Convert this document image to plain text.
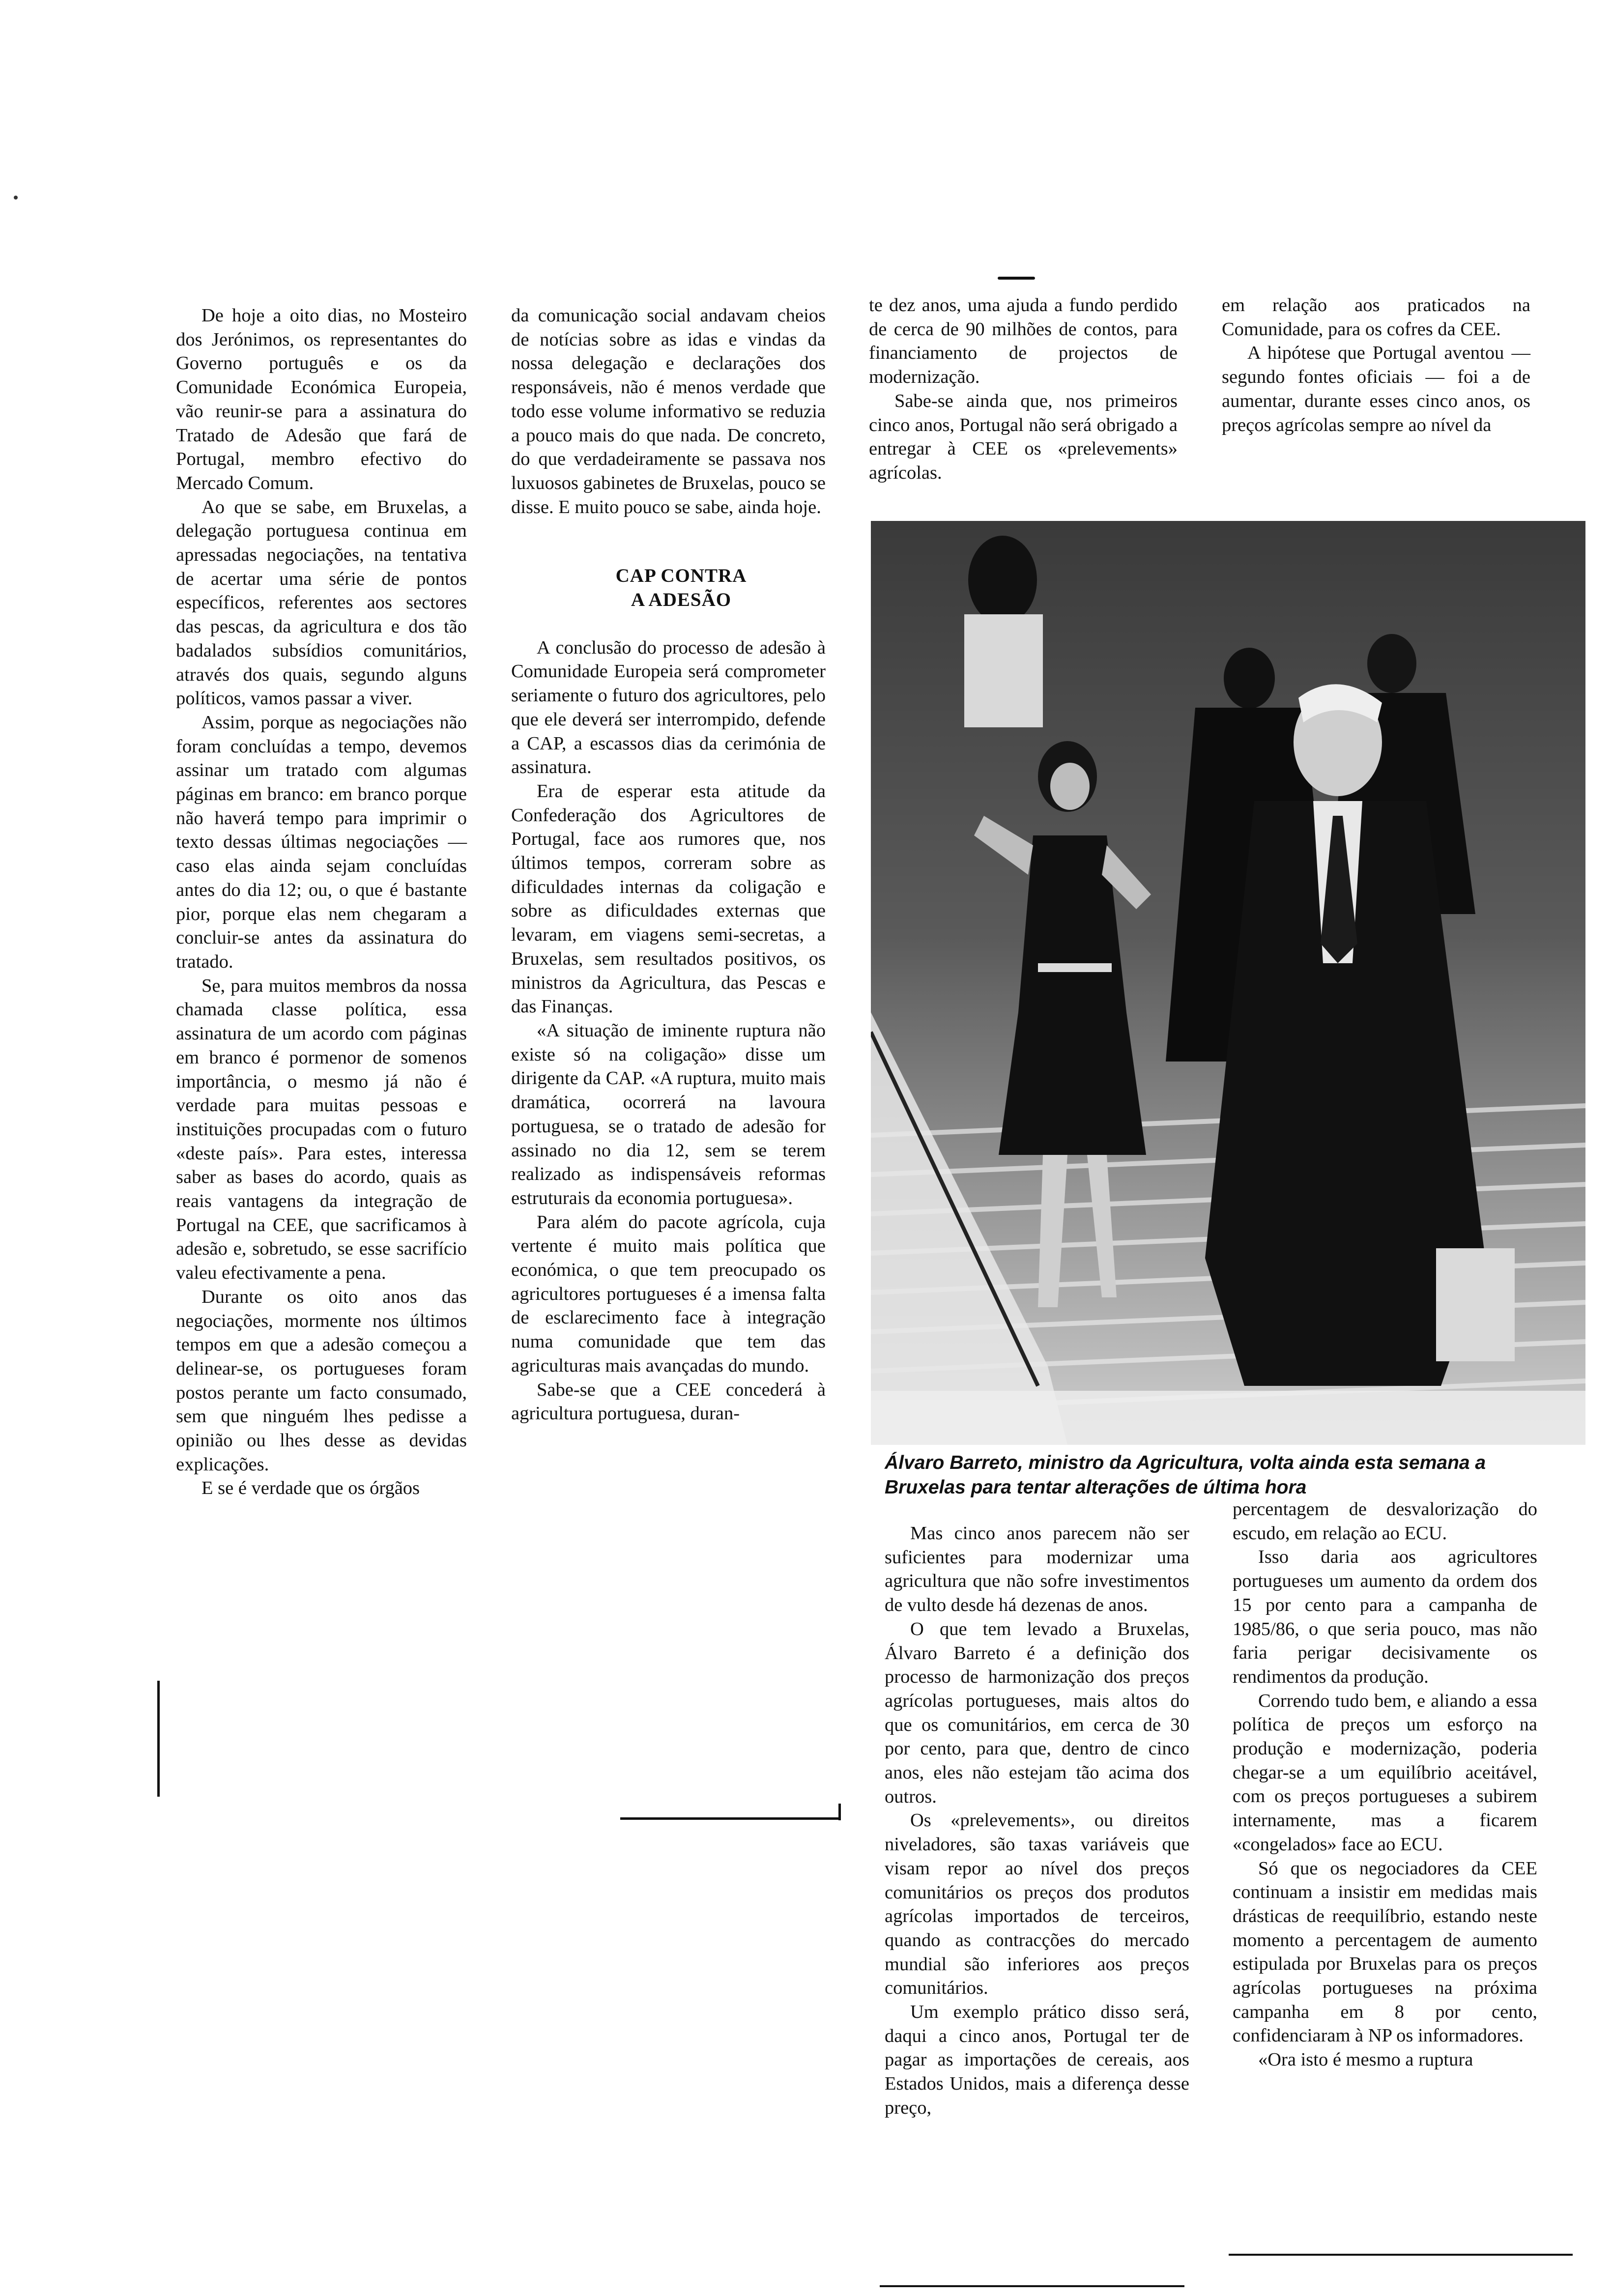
De hoje a oito dias, no Mosteiro dos Jerónimos, os representantes do Governo português e os da Comunidade Económica Europeia, vão reunir-se para a assinatura do Tratado de Adesão que fará de Portugal, membro efectivo do Mercado Comum.

Ao que se sabe, em Bruxelas, a delegação portuguesa continua em apressadas negociações, na tentativa de acertar uma série de pontos específicos, referentes aos sectores das pescas, da agricultura e dos tão badalados subsídios comunitários, através dos quais, segundo alguns políticos, vamos passar a viver.

Assim, porque as negociações não foram concluídas a tempo, devemos assinar um tratado com algumas páginas em branco: em branco porque não haverá tempo para imprimir o texto dessas últimas negociações — caso elas ainda sejam concluídas antes do dia 12; ou, o que é bastante pior, porque elas nem chegaram a concluir-se antes da assinatura do tratado.

Se, para muitos membros da nossa chamada classe política, essa assinatura de um acordo com páginas em branco é pormenor de somenos importância, o mesmo já não é verdade para muitas pessoas e instituições procupadas com o futuro «deste país». Para estes, interessa saber as bases do acordo, quais as reais vantagens da integração de Portugal na CEE, que sacrificamos à adesão e, sobretudo, se esse sacrifício valeu efectivamente a pena.

Durante os oito anos das negociações, mormente nos últimos tempos em que a adesão começou a delinear-se, os portugueses foram postos perante um facto consumado, sem que ninguém lhes pedisse a opinião ou lhes desse as devidas explicações.

E se é verdade que os órgãos

da comunicação social andavam cheios de notícias sobre as idas e vindas da nossa delegação e declarações dos responsáveis, não é menos verdade que todo esse volume informativo se reduzia a pouco mais do que nada. De concreto, do que verdadeiramente se passava nos luxuosos gabinetes de Bruxelas, pouco se disse. E muito pouco se sabe, ainda hoje.

CAP CONTRA

A ADESÃO

A conclusão do processo de adesão à Comunidade Europeia será comprometer seriamente o futuro dos agricultores, pelo que ele deverá ser interrompido, defende a CAP, a escassos dias da cerimónia de assinatura.

Era de esperar esta atitude da Confederação dos Agricultores de Portugal, face aos rumores que, nos últimos tempos, correram sobre as dificuldades internas da coligação e sobre as dificuldades externas que levaram, em viagens semi-secretas, a Bruxelas, sem resultados positivos, os ministros da Agricultura, das Pescas e das Finanças.

«A situação de iminente ruptura não existe só na coligação» disse um dirigente da CAP. «A ruptura, muito mais dramática, ocorrerá na lavoura portuguesa, se o tratado de adesão for assinado no dia 12, sem se terem realizado as indispensáveis reformas estruturais da economia portuguesa».

Para além do pacote agrícola, cuja vertente é muito mais política que económica, o que tem preocupado os agricultores portugueses é a imensa falta de esclarecimento face à integração numa comunidade que tem das agriculturas mais avançadas do mundo.

Sabe-se que a CEE concederá à agricultura portuguesa, duran-

te dez anos, uma ajuda a fundo perdido de cerca de 90 milhões de contos, para financiamento de projectos de modernização.

Sabe-se ainda que, nos primeiros cinco anos, Portugal não será obrigado a entregar à CEE os «prelevements» agrícolas.

em relação aos praticados na Comunidade, para os cofres da CEE.

A hipótese que Portugal aventou — segundo fontes oficiais — foi a de aumentar, durante esses cinco anos, os preços agrícolas sempre ao nível da

Álvaro Barreto, ministro da Agricultura, volta ainda esta semana a Bruxelas para tentar alterações de última hora

Mas cinco anos parecem não ser suficientes para modernizar uma agricultura que não sofre investimentos de vulto desde há dezenas de anos.

O que tem levado a Bruxelas, Álvaro Barreto é a definição dos processo de harmonização dos preços agrícolas portugueses, mais altos do que os comunitários, em cerca de 30 por cento, para que, dentro de cinco anos, eles não estejam tão acima dos outros.

Os «prelevements», ou direitos niveladores, são taxas variáveis que visam repor ao nível dos preços comunitários os preços dos produtos agrícolas importados de terceiros, quando as contracções do mercado mundial são inferiores aos preços comunitários.

Um exemplo prático disso será, daqui a cinco anos, Portugal ter de pagar as importações de cereais, aos Estados Unidos, mais a diferença desse preço,

percentagem de desvalorização do escudo, em relação ao ECU.

Isso daria aos agricultores portugueses um aumento da ordem dos 15 por cento para a campanha de 1985/86, o que seria pouco, mas não faria perigar decisivamente os rendimentos da produção.

Correndo tudo bem, e aliando a essa política de preços um esforço na produção e modernização, poderia chegar-se a um equilíbrio aceitável, com os preços portugueses a subirem internamente, mas a ficarem «congelados» face ao ECU.

Só que os negociadores da CEE continuam a insistir em medidas mais drásticas de reequilíbrio, estando neste momento a percentagem de aumento estipulada por Bruxelas para os preços agrícolas portugueses na próxima campanha em 8 por cento, confidenciaram à NP os informadores.

«Ora isto é mesmo a ruptura
